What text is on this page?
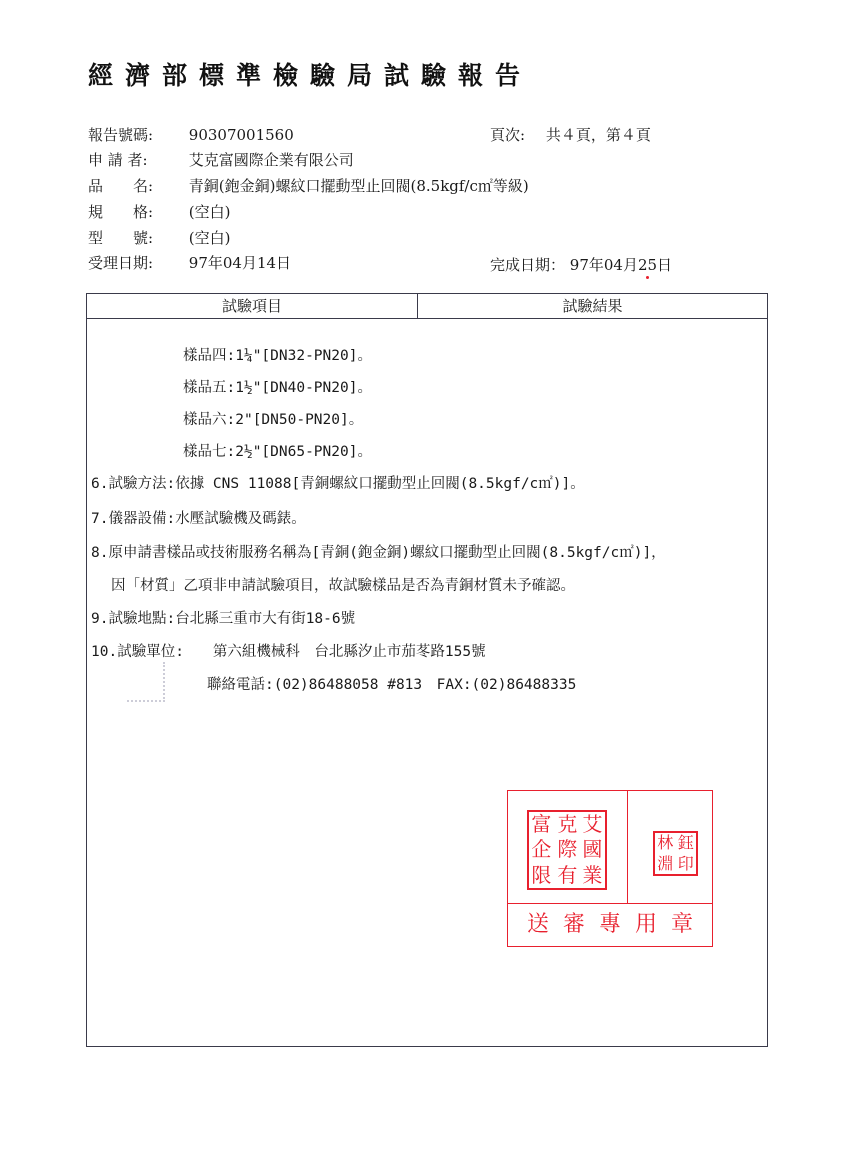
經濟部標準檢驗局試驗報告
報告號碼: 90307001560	頁次: 共４頁，第４頁
申 請 者:	艾克富國際企業有限公司
品　　名: 青銅(鉋金銅)螺紋口擺動型止回閥(8.5kgf/c㎡等級)
規　　格: (空白)
型　　號: (空白)
受理日期: 97年04月14日	完成日期： 97年04月25日
試驗項目	試驗結果
樣品四:1¼"[DN32-PN20]。
樣品五:1½"[DN40-PN20]。
樣品六:2"[DN50-PN20]。
樣品七:2½"[DN65-PN20]。
6.試驗方法:依據 CNS 11088[青銅螺紋口擺動型止回閥(8.5kgf/c㎡)]。
7.儀器設備:水壓試驗機及碼錶。
8.原申請書樣品或技術服務名稱為[青銅(鉋金銅)螺紋口擺動型止回閥(8.5kgf/c㎡)]，
因「材質」乙項非申請試驗項目，故試驗樣品是否為青銅材質未予確認。
9.試驗地點:台北縣三重市大有街18-6號
10.試驗單位:　　第六組機械科　台北縣汐止市茄苳路155號
　　　　　　　　聯絡電話:(02)86488058 #813　FAX:(02)86488335
艾
克
富
國
際
企
業
有
限
林 鈺
淵 印
送審專用章
